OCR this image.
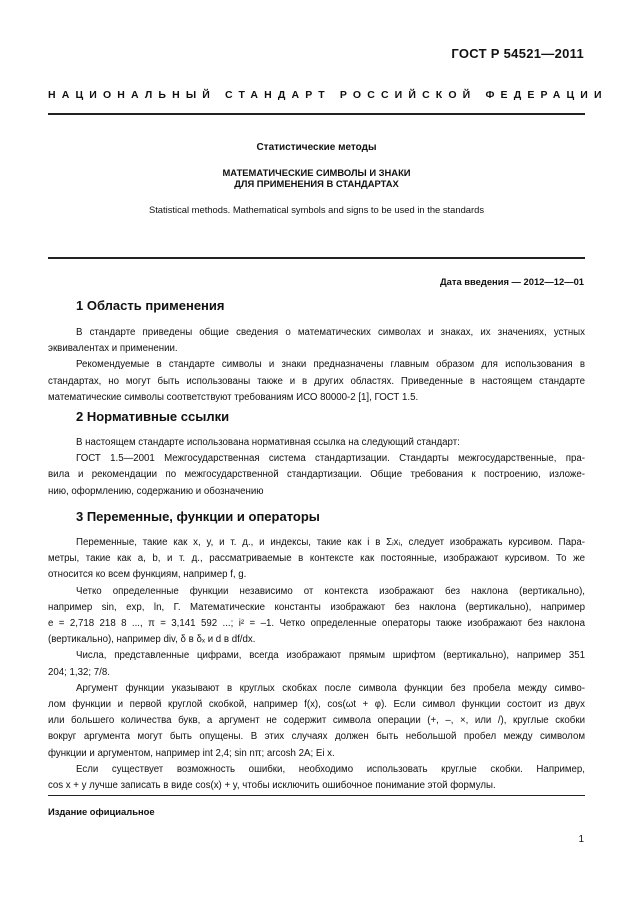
ГОСТ Р 54521—2011
НАЦИОНАЛЬНЫЙ СТАНДАРТ РОССИЙСКОЙ ФЕДЕРАЦИИ
Статистические методы
МАТЕМАТИЧЕСКИЕ СИМВОЛЫ И ЗНАКИ
ДЛЯ ПРИМЕНЕНИЯ В СТАНДАРТАХ
Statistical methods. Mathematical symbols and signs to be used in the standards
Дата введения — 2012—12—01
1 Область применения
В стандарте приведены общие сведения о математических символах и знаках, их значениях, устных
эквивалентах и применении.
Рекомендуемые в стандарте символы и знаки предназначены главным образом для использования в
стандартах, но могут быть использованы также и в других областях. Приведенные в настоящем стандарте
математические символы соответствуют требованиям ИСО 80000-2 [1], ГОСТ 1.5.
2 Нормативные ссылки
В настоящем стандарте использована нормативная ссылка на следующий стандарт:
ГОСТ 1.5—2001 Межгосударственная система стандартизации. Стандарты межгосударственные, пра-
вила и рекомендации по межгосударственной стандартизации. Общие требования к построению, изложе-
нию, оформлению, содержанию и обозначению
3 Переменные, функции и операторы
Переменные, такие как x, y, и т. д., и индексы, такие как i в Σᵢxᵢ, следует изображать курсивом. Пара-
метры, такие как a, b, и т. д., рассматриваемые в контексте как постоянные, изображают курсивом. То же
относится ко всем функциям, например f, g.
Четко определенные функции независимо от контекста изображают без наклона (вертикально),
например sin, exp, ln, Γ. Математические константы изображают без наклона (вертикально), например
e = 2,718 218 8 ..., π = 3,141 592 ...; i² = –1. Четко определенные операторы также изображают без наклона
(вертикально), например div, δ в δₓ и d в df/dx.
Числа, представленные цифрами, всегда изображают прямым шрифтом (вертикально), например 351
204; 1,32; 7/8.
Аргумент функции указывают в круглых скобках после символа функции без пробела между симво-
лом функции и первой круглой скобкой, например f(x), cos(ωt + φ). Если символ функции состоит из двух
или большего количества букв, а аргумент не содержит символа операции (+, –, ×, или /), круглые скобки
вокруг аргумента могут быть опущены. В этих случаях должен быть небольшой пробел между символом
функции и аргументом, например int 2,4; sin nπ; arcosh 2A; Ei x.
Если существует возможность ошибки, необходимо использовать круглые скобки. Например,
cos x + y лучше записать в виде cos(x) + y, чтобы исключить ошибочное понимание этой формулы.
Издание официальное
1
